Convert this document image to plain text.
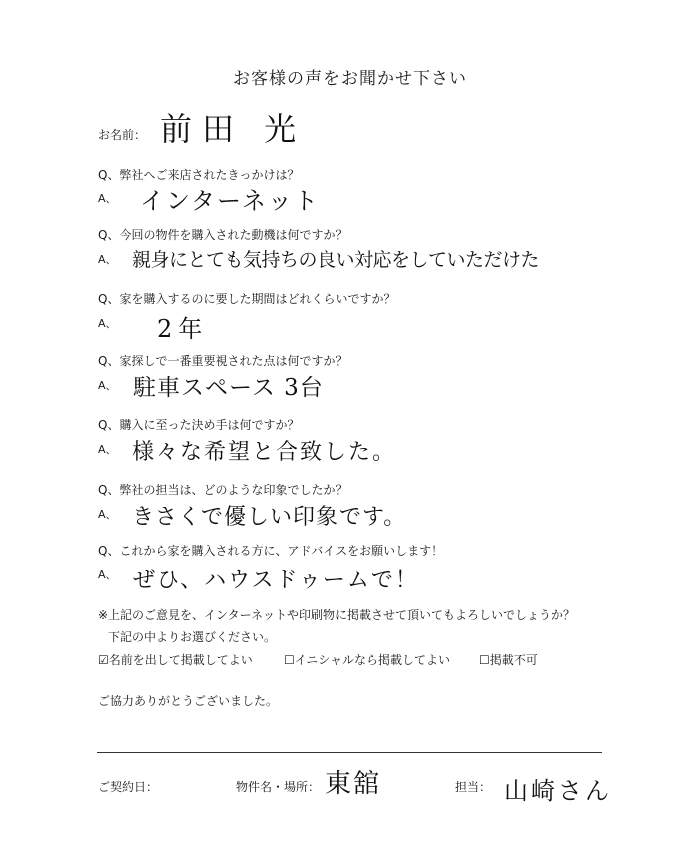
お客様の声をお聞かせ下さい
お名前： 前田 光
Q、弊社へご来店されたきっかけは？
A、 インターネット
Q、今回の物件を購入された動機は何ですか？
A、 親身にとても気持ちの良い対応をしていただけた
Q、家を購入するのに要した期間はどれくらいですか？
A、 2年
Q、家探しで一番重要視された点は何ですか？
A、 駐車スペース 3台
Q、購入に至った決め手は何ですか？
A、 様々な希望と合致した。
Q、弊社の担当は、どのような印象でしたか？
A、 きさくで優しい印象です。
Q、これから家を購入される方に、アドバイスをお願いします！
A、 ぜひ、ハウスドゥームで！
※上記のご意見を、インターネットや印刷物に掲載させて頂いてもよろしいでしょうか？
下記の中よりお選びください。
☑名前を出して掲載してよい	☐イニシャルなら掲載してよい ☐掲載不可
ご協力ありがとうございました。
ご契約日：	物件名・場所： 東舘	担当： 山崎さん
